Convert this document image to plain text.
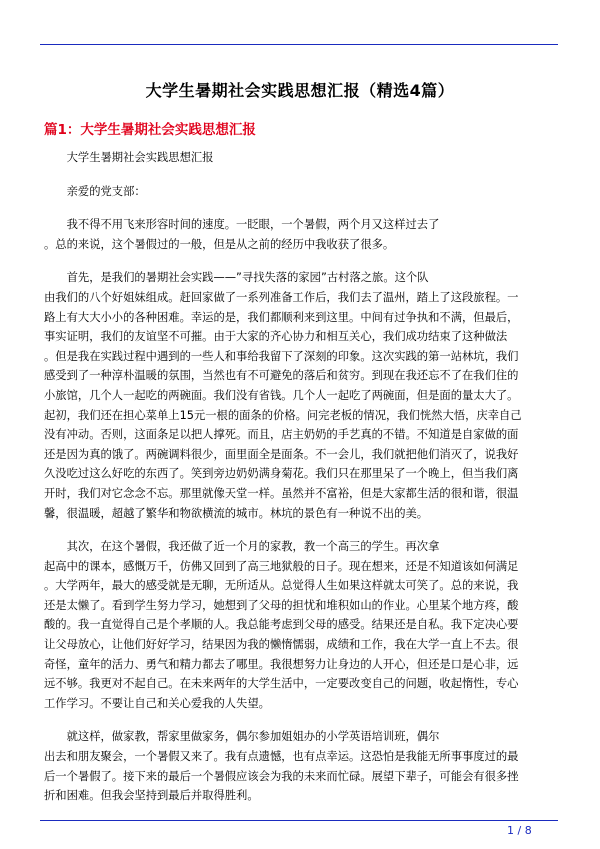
大学生暑期社会实践思想汇报（精选4篇）
篇1：大学生暑期社会实践思想汇报

　　大学生暑期社会实践思想汇报

　　亲爱的党支部：

　　我不得不用飞来形容时间的速度。一眨眼，一个暑假，两个月又这样过去了
。总的来说，这个暑假过的一般，但是从之前的经历中我收获了很多。

　　首先，是我们的暑期社会实践——”寻找失落的家园”古村落之旅。这个队
由我们的八个好姐妹组成。赶回家做了一系列准备工作后，我们去了温州，踏上了这段旅程。一
路上有大大小小的各种困难。幸运的是，我们都顺利来到这里。中间有过争执和不满，但最后，
事实证明，我们的友谊坚不可摧。由于大家的齐心协力和相互关心，我们成功结束了这种做法
。但是我在实践过程中遇到的一些人和事给我留下了深刻的印象。这次实践的第一站林坑，我们
感受到了一种淳朴温暖的氛围，当然也有不可避免的落后和贫穷。到现在我还忘不了在我们住的
小旅馆，几个人一起吃的两碗面。我们没有省钱。几个人一起吃了两碗面，但是面的量太大了。
起初，我们还在担心菜单上15元一根的面条的价格。问完老板的情况，我们恍然大悟，庆幸自己
没有冲动。否则，这面条足以把人撑死。而且，店主奶奶的手艺真的不错。不知道是自家做的面
还是因为真的饿了。两碗调料很少，面里面全是面条。不一会儿，我们就把他们消灭了，说我好
久没吃过这么好吃的东西了。笑到旁边奶奶满身菊花。我们只在那里呆了一个晚上，但当我们离
开时，我们对它念念不忘。那里就像天堂一样。虽然并不富裕，但是大家都生活的很和谐，很温
馨，很温暖，超越了繁华和物欲横流的城市。林坑的景色有一种说不出的美。

　　其次，在这个暑假，我还做了近一个月的家教，教一个高三的学生。再次拿
起高中的课本，感慨万千，仿佛又回到了高三地狱般的日子。现在想来，还是不知道该如何满足
。大学两年，最大的感受就是无聊，无所适从。总觉得人生如果这样就太可笑了。总的来说，我
还是太懒了。看到学生努力学习，她想到了父母的担忧和堆积如山的作业。心里某个地方疼，酸
酸的。我一直觉得自己是个孝顺的人。我总能考虑到父母的感受。结果还是自私。我下定决心要
让父母放心，让他们好好学习，结果因为我的懒惰懦弱，成绩和工作，我在大学一直上不去。很
奇怪，童年的活力、勇气和精力都去了哪里。我很想努力让身边的人开心，但还是口是心非，远
远不够。我更对不起自己。在未来两年的大学生活中，一定要改变自己的问题，收起惰性，专心
工作学习。不要让自己和关心爱我的人失望。

　　就这样，做家教，帮家里做家务，偶尔参加姐姐办的小学英语培训班，偶尔
出去和朋友聚会，一个暑假又来了。我有点遗憾，也有点幸运。这恐怕是我能无所事事度过的最
后一个暑假了。接下来的最后一个暑假应该会为我的未来而忙碌。展望下辈子，可能会有很多挫
折和困难。但我会坚持到最后并取得胜利。

1 / 8
